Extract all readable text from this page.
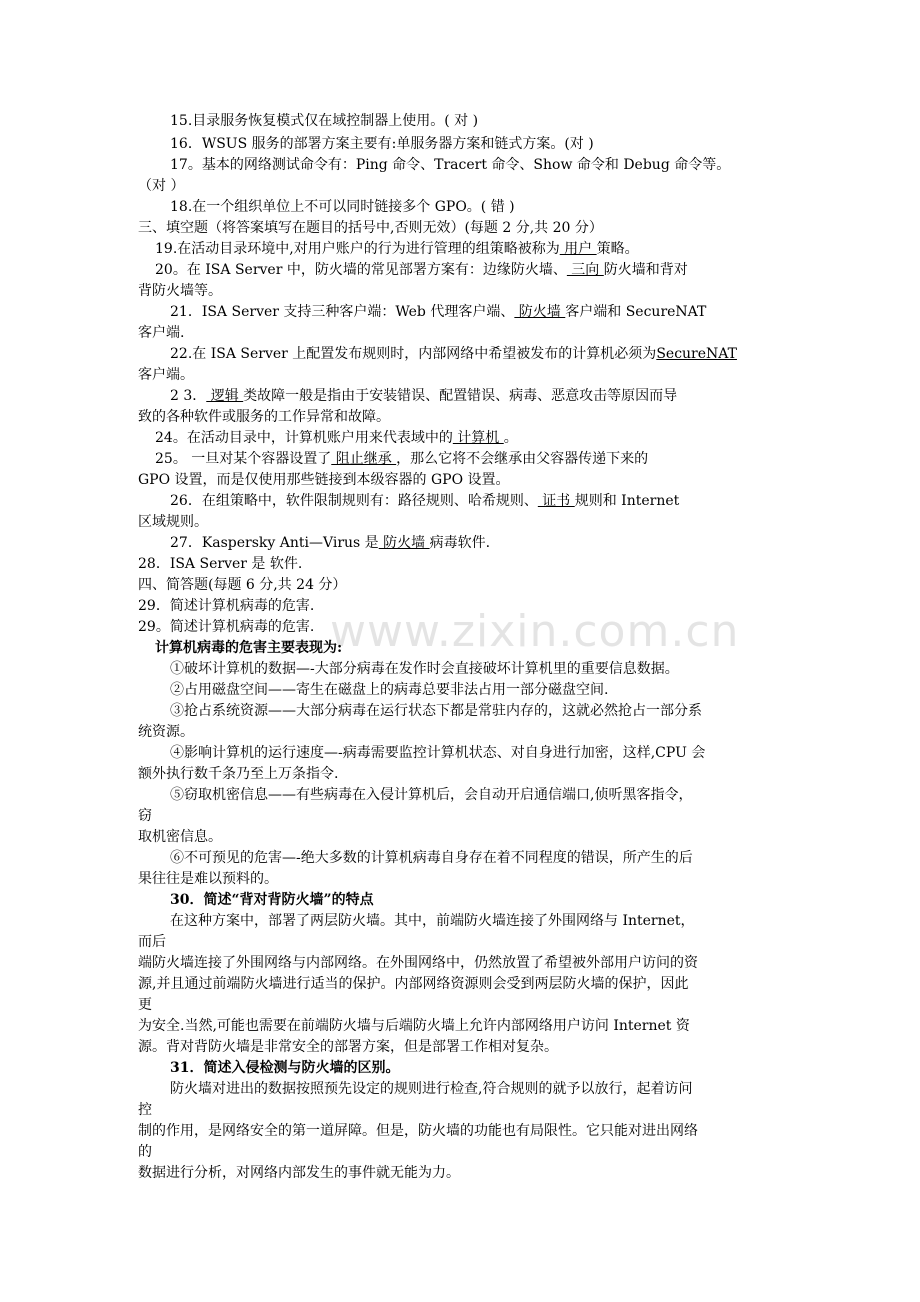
www.zixin.com.cn
15.目录服务恢复模式仅在域控制器上使用。( 对 )
16．WSUS 服务的部署方案主要有:单服务器方案和链式方案。(对 )
17。基本的网络测试命令有：Ping 命令、Tracert 命令、Show 命令和 Debug 命令等。
（对 ）
18.在一个组织单位上不可以同时链接多个 GPO。( 错 )
三、填空题（将答案填写在题目的括号中,否则无效）(每题 2 分,共 20 分）
19.在活动目录环境中,对用户账户的行为进行管理的组策略被称为 用户 策略。
20。在 ISA Server 中，防火墙的常见部署方案有：边缘防火墙、 三向 防火墙和背对
背防火墙等。
21．ISA Server 支持三种客户端：Web 代理客户端、 防火墙 客户端和 SecureNAT
客户端.
22.在 ISA Server 上配置发布规则时，内部网络中希望被发布的计算机必须为SecureNAT
客户端。
2 3． 逻辑 类故障一般是指由于安装错误、配置错误、病毒、恶意攻击等原因而导
致的各种软件或服务的工作异常和故障。
24。在活动目录中，计算机账户用来代表域中的 计算机 。
25。 一旦对某个容器设置了 阻止继承 ，那么它将不会继承由父容器传递下来的
GPO 设置，而是仅使用那些链接到本级容器的 GPO 设置。
26．在组策略中，软件限制规则有：路径规则、哈希规则、 证书 规则和 Internet
区域规则。
27．Kaspersky Anti—Virus 是 防火墙 病毒软件.
28．ISA Server 是 软件.
四、简答题(每题 6 分,共 24 分）
29．简述计算机病毒的危害.
29。简述计算机病毒的危害.
计算机病毒的危害主要表现为:
①破坏计算机的数据—-大部分病毒在发作时会直接破坏计算机里的重要信息数据。
②占用磁盘空间——寄生在磁盘上的病毒总要非法占用一部分磁盘空间.
③抢占系统资源——大部分病毒在运行状态下都是常驻内存的，这就必然抢占一部分系
统资源。
④影响计算机的运行速度—-病毒需要监控计算机状态、对自身进行加密，这样,CPU 会
额外执行数千条乃至上万条指令.
⑤窃取机密信息——有些病毒在入侵计算机后，会自动开启通信端口,侦听黑客指令，
窃
取机密信息。
⑥不可预见的危害—-绝大多数的计算机病毒自身存在着不同程度的错误，所产生的后
果往往是难以预料的。
30．简述“背对背防火墙”的特点
在这种方案中，部署了两层防火墙。其中，前端防火墙连接了外围网络与 Internet，
而后
端防火墙连接了外围网络与内部网络。在外围网络中，仍然放置了希望被外部用户访问的资
源,并且通过前端防火墙进行适当的保护。内部网络资源则会受到两层防火墙的保护，因此
更
为安全.当然,可能也需要在前端防火墙与后端防火墙上允许内部网络用户访问 Internet 资
源。背对背防火墙是非常安全的部署方案，但是部署工作相对复杂。
31．简述入侵检测与防火墙的区别。
防火墙对进出的数据按照预先设定的规则进行检查,符合规则的就予以放行，起着访问
控
制的作用，是网络安全的第一道屏障。但是，防火墙的功能也有局限性。它只能对进出网络
的
数据进行分析，对网络内部发生的事件就无能为力。
